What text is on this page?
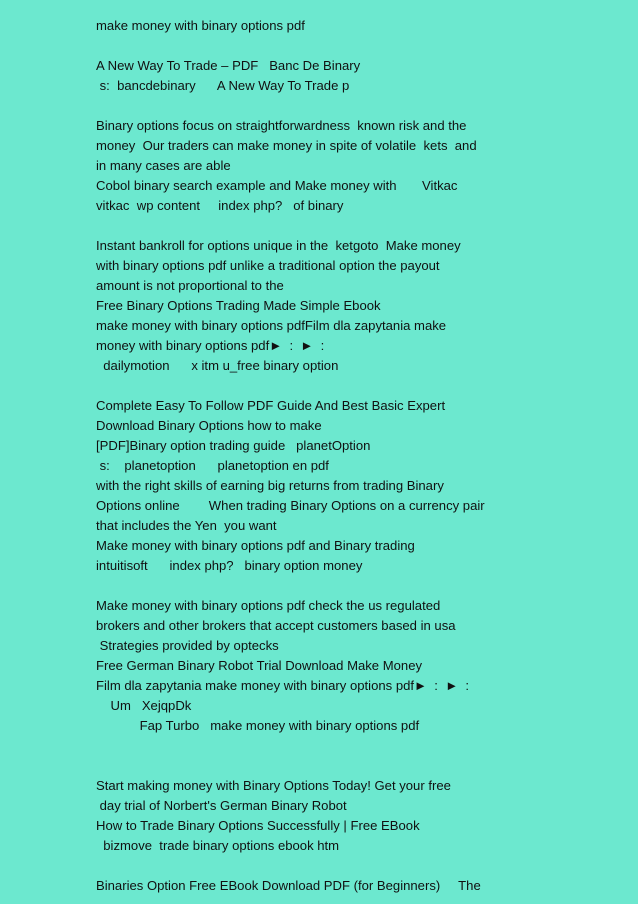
make money with binary options pdf
A New Way To Trade – PDF   Banc De Binary
s:  bancdebinary      A New Way To Trade p
Binary options focus on straightforwardness  known risk and the
money  Our traders can make money in spite of volatile  kets  and
in many cases are able
Cobol binary search example and Make money with       Vitkac
vitkac  wp content     index php?   of binary
Instant bankroll for options unique in the  ketgoto  Make money
with binary options pdf unlike a traditional option the payout
amount is not proportional to the
Free Binary Options Trading Made Simple Ebook
make money with binary options pdfFilm dla zapytania make
money with binary options pdf►  :  ►  :
dailymotion      x itm u_free binary option
Complete Easy To Follow PDF Guide And Best Basic Expert
Download Binary Options how to make
[PDF]Binary option trading guide   planetOption
s:    planetoption      planetoption en pdf
with the right skills of earning big returns from trading Binary
Options online        When trading Binary Options on a currency pair
that includes the Yen  you want
Make money with binary options pdf and Binary trading
intuitisoft      index php?   binary option money
Make money with binary options pdf check the us regulated
brokers and other brokers that accept customers based in usa
Strategies provided by optecks
Free German Binary Robot Trial Download Make Money
Film dla zapytania make money with binary options pdf►  :  ►  :
Um   XejqpDk
Fap Turbo   make money with binary options pdf
Start making money with Binary Options Today! Get your free
day trial of Norbert's German Binary Robot
How to Trade Binary Options Successfully | Free EBook
bizmove  trade binary options ebook htm
Binaries Option Free EBook Download PDF (for Beginners)     The
